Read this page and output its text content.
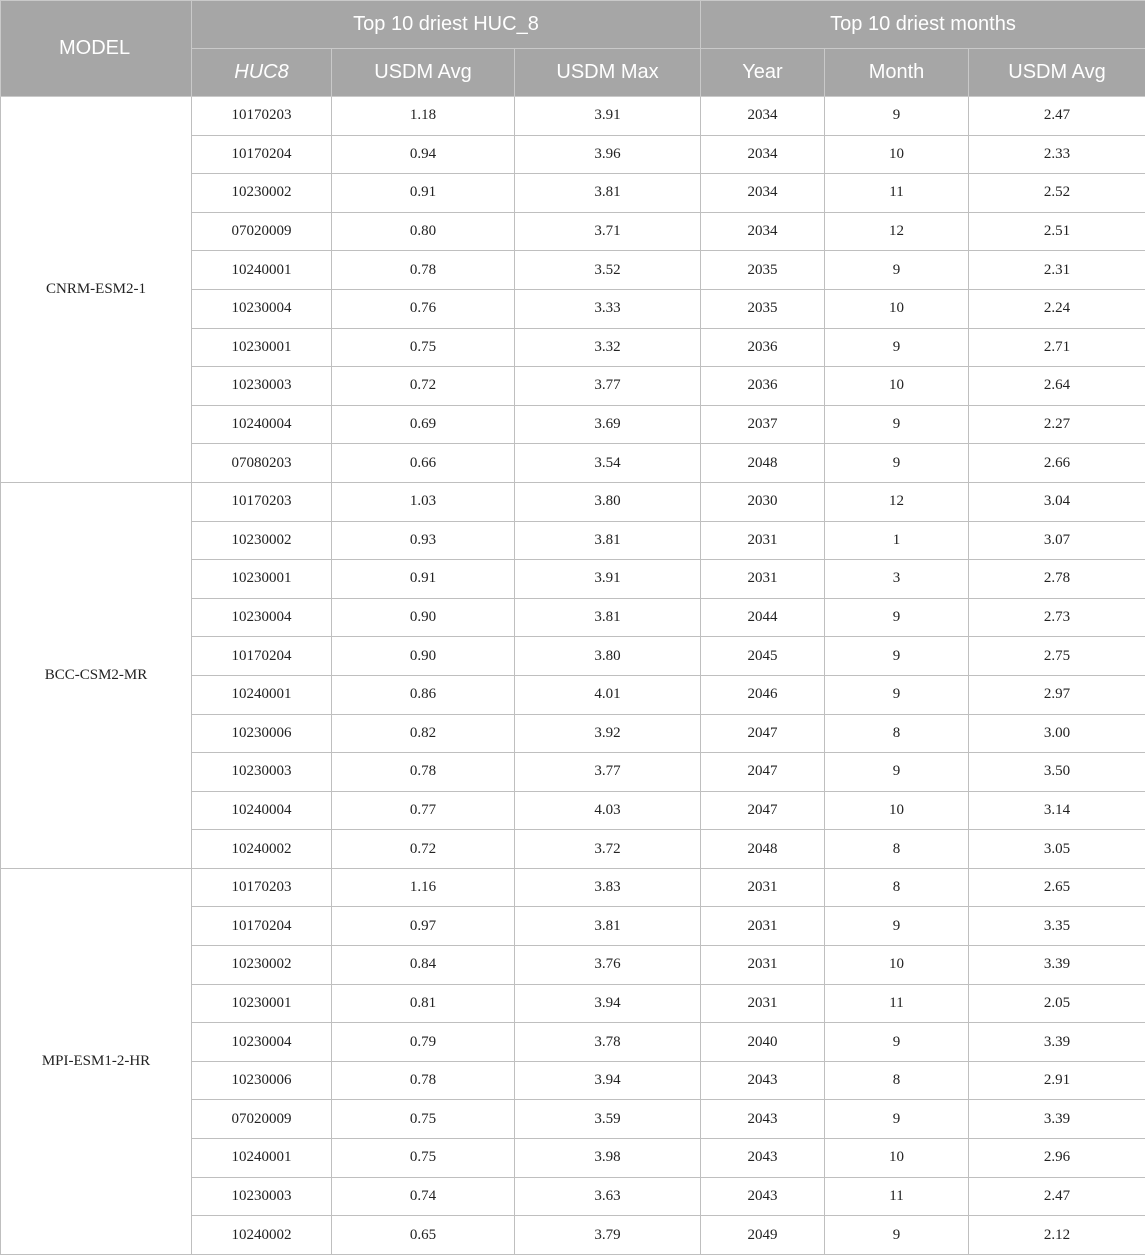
MODEL	Top 10 driest HUC_8			Top 10 driest months		
	HUC8	USDM Avg	USDM Max	Year	Month	USDM Avg
CNRM-ESM2-1	10170203	1.18	3.91	2034	9	2.47
	10170204	0.94	3.96	2034	10	2.33
	10230002	0.91	3.81	2034	11	2.52
	07020009	0.80	3.71	2034	12	2.51
	10240001	0.78	3.52	2035	9	2.31
	10230004	0.76	3.33	2035	10	2.24
	10230001	0.75	3.32	2036	9	2.71
	10230003	0.72	3.77	2036	10	2.64
	10240004	0.69	3.69	2037	9	2.27
	07080203	0.66	3.54	2048	9	2.66
BCC-CSM2-MR	10170203	1.03	3.80	2030	12	3.04
	10230002	0.93	3.81	2031	1	3.07
	10230001	0.91	3.91	2031	3	2.78
	10230004	0.90	3.81	2044	9	2.73
	10170204	0.90	3.80	2045	9	2.75
	10240001	0.86	4.01	2046	9	2.97
	10230006	0.82	3.92	2047	8	3.00
	10230003	0.78	3.77	2047	9	3.50
	10240004	0.77	4.03	2047	10	3.14
	10240002	0.72	3.72	2048	8	3.05
MPI-ESM1-2-HR	10170203	1.16	3.83	2031	8	2.65
	10170204	0.97	3.81	2031	9	3.35
	10230002	0.84	3.76	2031	10	3.39
	10230001	0.81	3.94	2031	11	2.05
	10230004	0.79	3.78	2040	9	3.39
	10230006	0.78	3.94	2043	8	2.91
	07020009	0.75	3.59	2043	9	3.39
	10240001	0.75	3.98	2043	10	2.96
	10230003	0.74	3.63	2043	11	2.47
	10240002	0.65	3.79	2049	9	2.12
